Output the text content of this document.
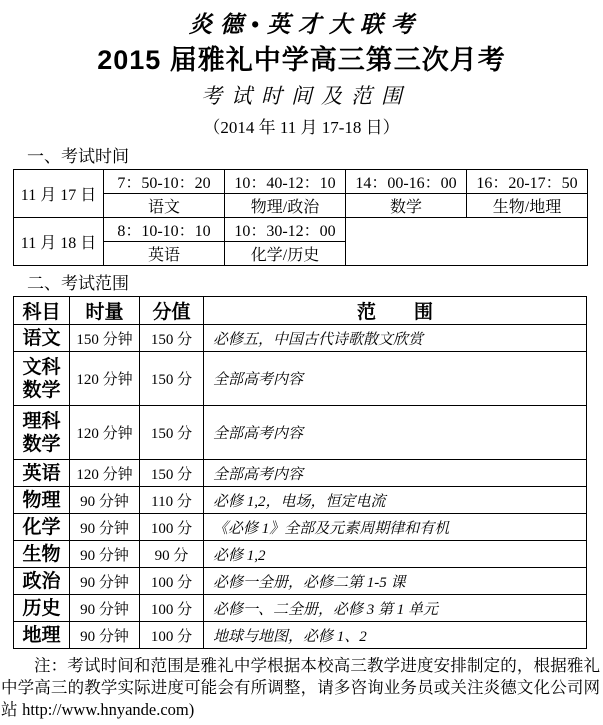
炎德•英才大联考
2015 届雅礼中学高三第三次月考
考试时间及范围
（2014 年 11 月 17-18 日）
一、考试时间
11 月 17 日	7：50-10：20	10：40-12：10	14：00-16：00	16：20-17：50
	语文	物理/政治	数学	生物/地理
11 月 18 日	8：10-10：10	10：30-12：00		
	英语	化学/历史		
二、考试范围
科目	时量	分值	范　　围
语文	150 分钟	150 分	必修五，中国古代诗歌散文欣赏
文科数学	120 分钟	150 分	全部高考内容
理科数学	120 分钟	150 分	全部高考内容
英语	120 分钟	150 分	全部高考内容
物理	90 分钟	110 分	必修 1,2，电场，恒定电流
化学	90 分钟	100 分	《必修 1》全部及元素周期律和有机
生物	90 分钟	90 分	必修 1,2
政治	90 分钟	100 分	必修一全册，必修二第 1-5 课
历史	90 分钟	100 分	必修一、二全册，必修 3 第 1 单元
地理	90 分钟	100 分	地球与地图，必修 1、2

注：考试时间和范围是雅礼中学根据本校高三教学进度安排制定的，根据雅礼中学高三的教学实际进度可能会有所调整，请多咨询业务员或关注炎德文化公司网站 http://www.hnyande.com)
